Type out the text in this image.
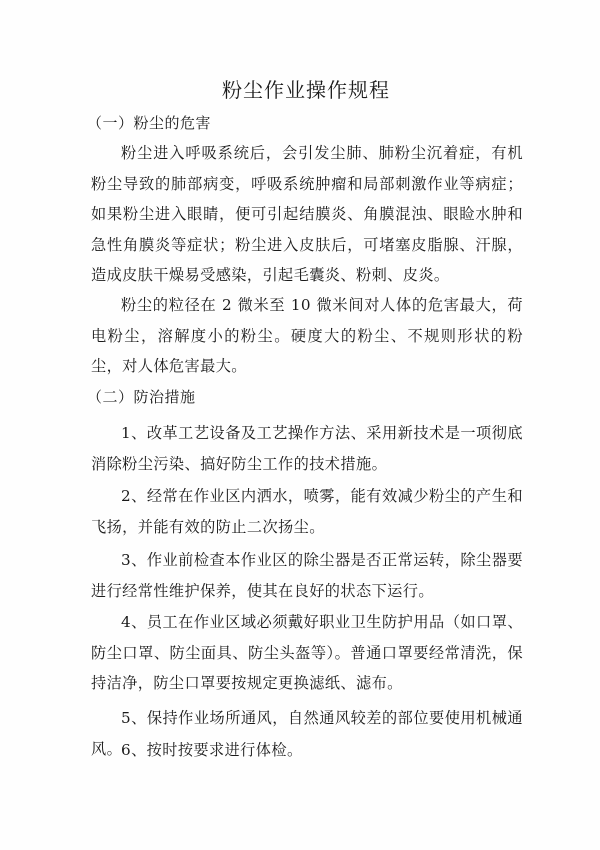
粉尘作业操作规程
（一）粉尘的危害
粉尘进入呼吸系统后，会引发尘肺、肺粉尘沉着症，有机粉尘导致的肺部病变，呼吸系统肿瘤和局部刺激作业等病症；如果粉尘进入眼睛，便可引起结膜炎、角膜混浊、眼睑水肿和急性角膜炎等症状；粉尘进入皮肤后，可堵塞皮脂腺、汗腺，造成皮肤干燥易受感染，引起毛囊炎、粉刺、皮炎。
粉尘的粒径在 2 微米至 10 微米间对人体的危害最大，荷电粉尘，溶解度小的粉尘。硬度大的粉尘、不规则形状的粉尘，对人体危害最大。
（二）防治措施
1、改革工艺设备及工艺操作方法、采用新技术是一项彻底消除粉尘污染、搞好防尘工作的技术措施。
2、经常在作业区内洒水，喷雾，能有效减少粉尘的产生和飞扬，并能有效的防止二次扬尘。
3、作业前检查本作业区的除尘器是否正常运转，除尘器要进行经常性维护保养，使其在良好的状态下运行。
4、员工在作业区域必须戴好职业卫生防护用品（如口罩、防尘口罩、防尘面具、防尘头盔等）。普通口罩要经常清洗，保持洁净，防尘口罩要按规定更换滤纸、滤布。
5、保持作业场所通风，自然通风较差的部位要使用机械通风。
6、按时按要求进行体检。
